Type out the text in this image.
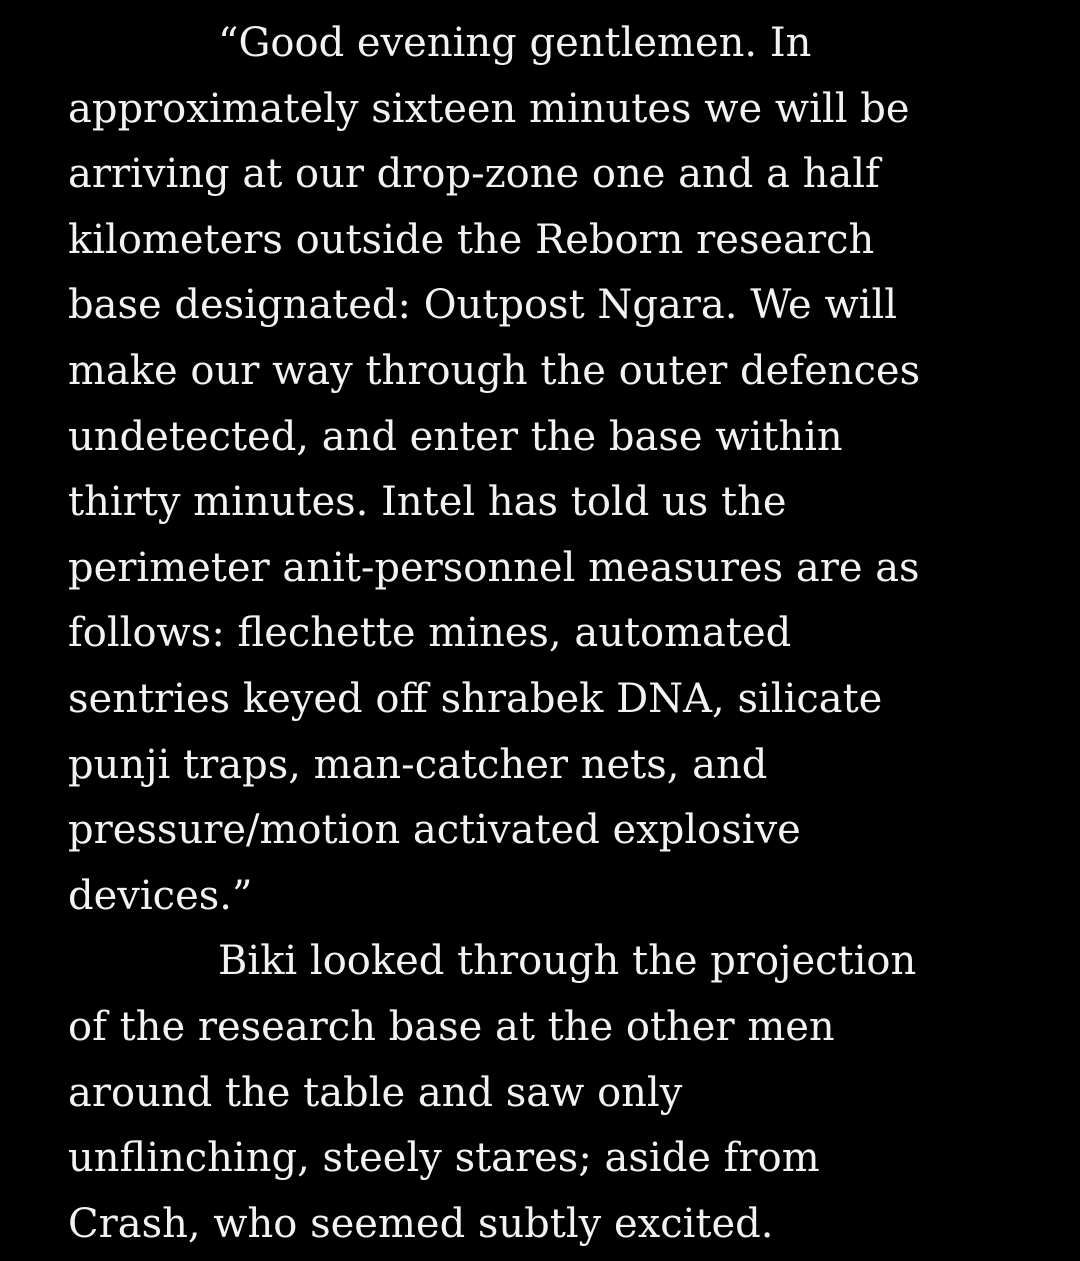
“Good evening gentlemen. In
approximately sixteen minutes we will be
arriving at our drop-zone one and a half
kilometers outside the Reborn research
base designated: Outpost Ngara. We will
make our way through the outer defences
undetected, and enter the base within
thirty minutes. Intel has told us the
perimeter anit-personnel measures are as
follows: flechette mines, automated
sentries keyed off shrabek DNA, silicate
punji traps, man-catcher nets, and
pressure/motion activated explosive
devices.”
Biki looked through the projection
of the research base at the other men
around the table and saw only
unflinching, steely stares; aside from
Crash, who seemed subtly excited.
